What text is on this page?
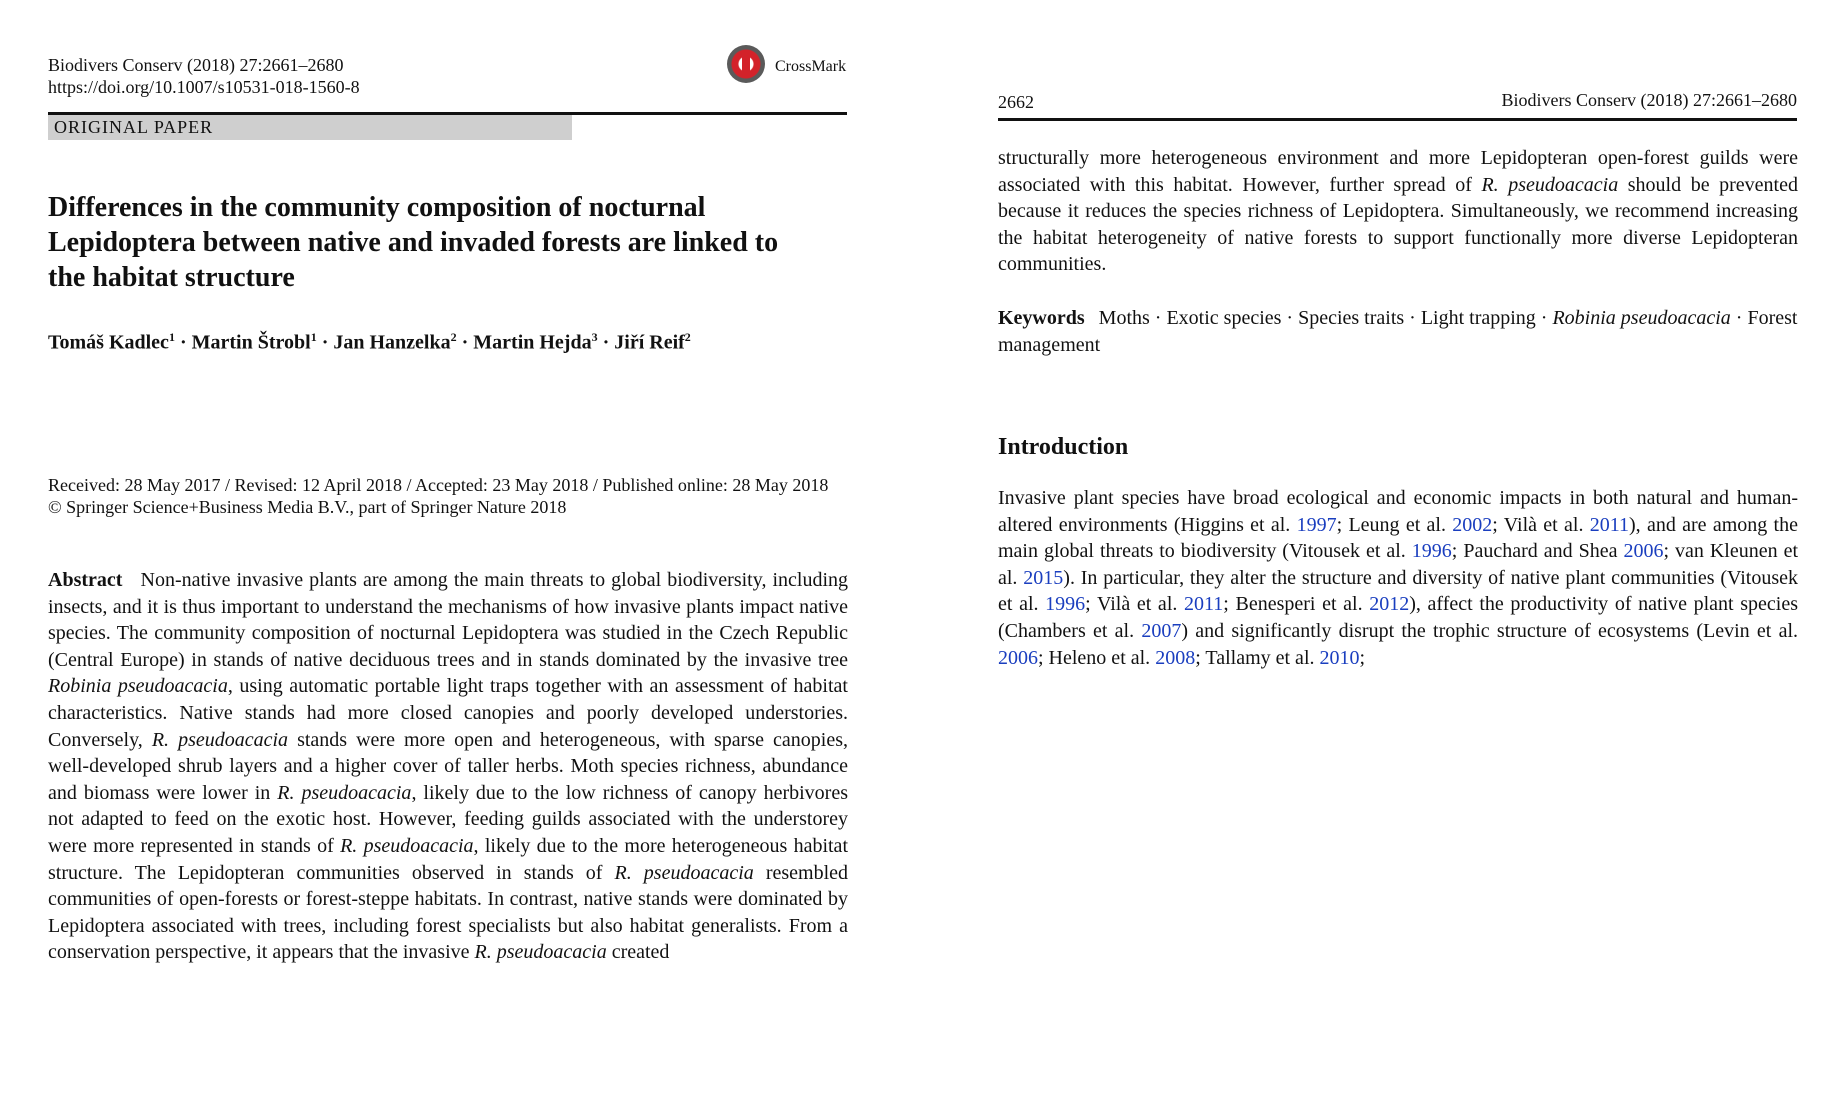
Biodivers Conserv (2018) 27:2661–2680
https://doi.org/10.1007/s10531-018-1560-8
CrossMark
ORIGINAL PAPER
Differences in the community composition of nocturnal Lepidoptera between native and invaded forests are linked to the habitat structure
Tomáš Kadlec$^1$ · Martin Štrobl$^1$ · Jan Hanzelka$^2$ · Martin Hejda$^3$ · Jiří Reif$^2$
Received: 28 May 2017 / Revised: 12 April 2018 / Accepted: 23 May 2018 / Published online: 28 May 2018
© Springer Science+Business Media B.V., part of Springer Nature 2018
Abstract Non-native invasive plants are among the main threats to global biodiversity, including insects, and it is thus important to understand the mechanisms of how invasive plants impact native species. The community composition of nocturnal Lepidoptera was studied in the Czech Republic (Central Europe) in stands of native deciduous trees and in stands dominated by the invasive tree Robinia pseudoacacia, using automatic portable light traps together with an assessment of habitat characteristics. Native stands had more closed canopies and poorly developed understories. Conversely, R. pseudoacacia stands were more open and heterogeneous, with sparse canopies, well-developed shrub layers and a higher cover of taller herbs. Moth species richness, abundance and biomass were lower in R. pseudoacacia, likely due to the low richness of canopy herbivores not adapted to feed on the exotic host. However, feeding guilds associated with the understorey were more represented in stands of R. pseudoacacia, likely due to the more heterogeneous habitat structure. The Lepidopteran communities observed in stands of R. pseudoacacia resembled communities of open-forests or forest-steppe habitats. In contrast, native stands were dominated by Lepidoptera associated with trees, including forest specialists but also habitat generalists. From a conservation perspective, it appears that the invasive R. pseudoacacia created
2662	Biodivers Conserv (2018) 27:2661–2680
structurally more heterogeneous environment and more Lepidopteran open-forest guilds were associated with this habitat. However, further spread of R. pseudoacacia should be prevented because it reduces the species richness of Lepidoptera. Simultaneously, we recommend increasing the habitat heterogeneity of native forests to support functionally more diverse Lepidopteran communities.
Keywords Moths · Exotic species · Species traits · Light trapping · Robinia pseudoacacia · Forest management
Introduction
Invasive plant species have broad ecological and economic impacts in both natural and human-altered environments (Higgins et al. 1997; Leung et al. 2002; Vilà et al. 2011), and are among the main global threats to biodiversity (Vitousek et al. 1996; Pauchard and Shea 2006; van Kleunen et al. 2015). In particular, they alter the structure and diversity of native plant communities (Vitousek et al. 1996; Vilà et al. 2011; Benesperi et al. 2012), affect the productivity of native plant species (Chambers et al. 2007) and significantly disrupt the trophic structure of ecosystems (Levin et al. 2006; Heleno et al. 2008; Tallamy et al. 2010;
